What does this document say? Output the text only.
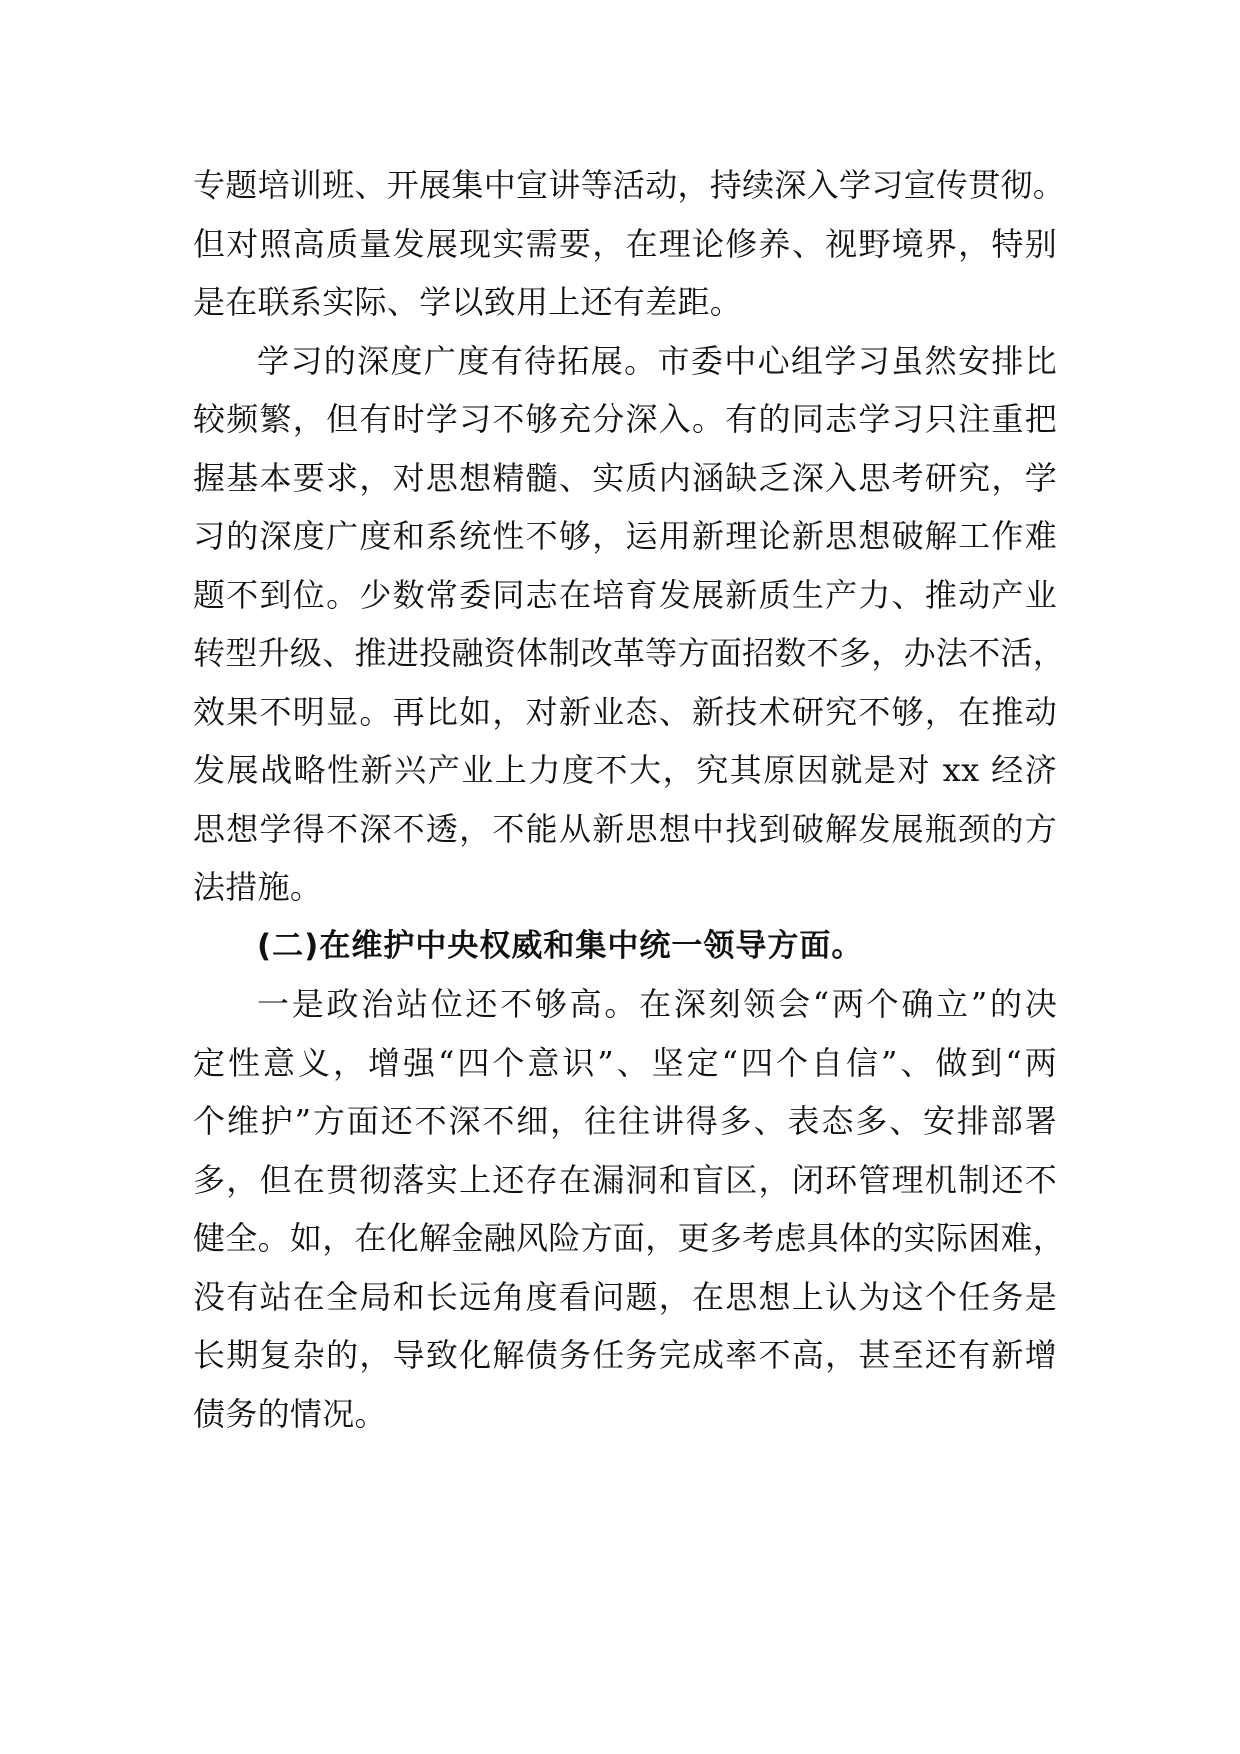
专题培训班、开展集中宣讲等活动，持续深入学习宣传贯彻。
但对照高质量发展现实需要，在理论修养、视野境界，特别
是在联系实际、学以致用上还有差距。
学习的深度广度有待拓展。市委中心组学习虽然安排比
较频繁，但有时学习不够充分深入。有的同志学习只注重把
握基本要求，对思想精髓、实质内涵缺乏深入思考研究，学
习的深度广度和系统性不够，运用新理论新思想破解工作难
题不到位。少数常委同志在培育发展新质生产力、推动产业
转型升级、推进投融资体制改革等方面招数不多，办法不活，
效果不明显。再比如，对新业态、新技术研究不够，在推动
发展战略性新兴产业上力度不大，究其原因就是对 xx 经济
思想学得不深不透，不能从新思想中找到破解发展瓶颈的方
法措施。
(二)在维护中央权威和集中统一领导方面。
一是政治站位还不够高。在深刻领会“两个确立”的决
定性意义，增强“四个意识”、坚定“四个自信”、做到“两
个维护”方面还不深不细，往往讲得多、表态多、安排部署
多，但在贯彻落实上还存在漏洞和盲区，闭环管理机制还不
健全。如，在化解金融风险方面，更多考虑具体的实际困难，
没有站在全局和长远角度看问题，在思想上认为这个任务是
长期复杂的，导致化解债务任务完成率不高，甚至还有新增
债务的情况。
